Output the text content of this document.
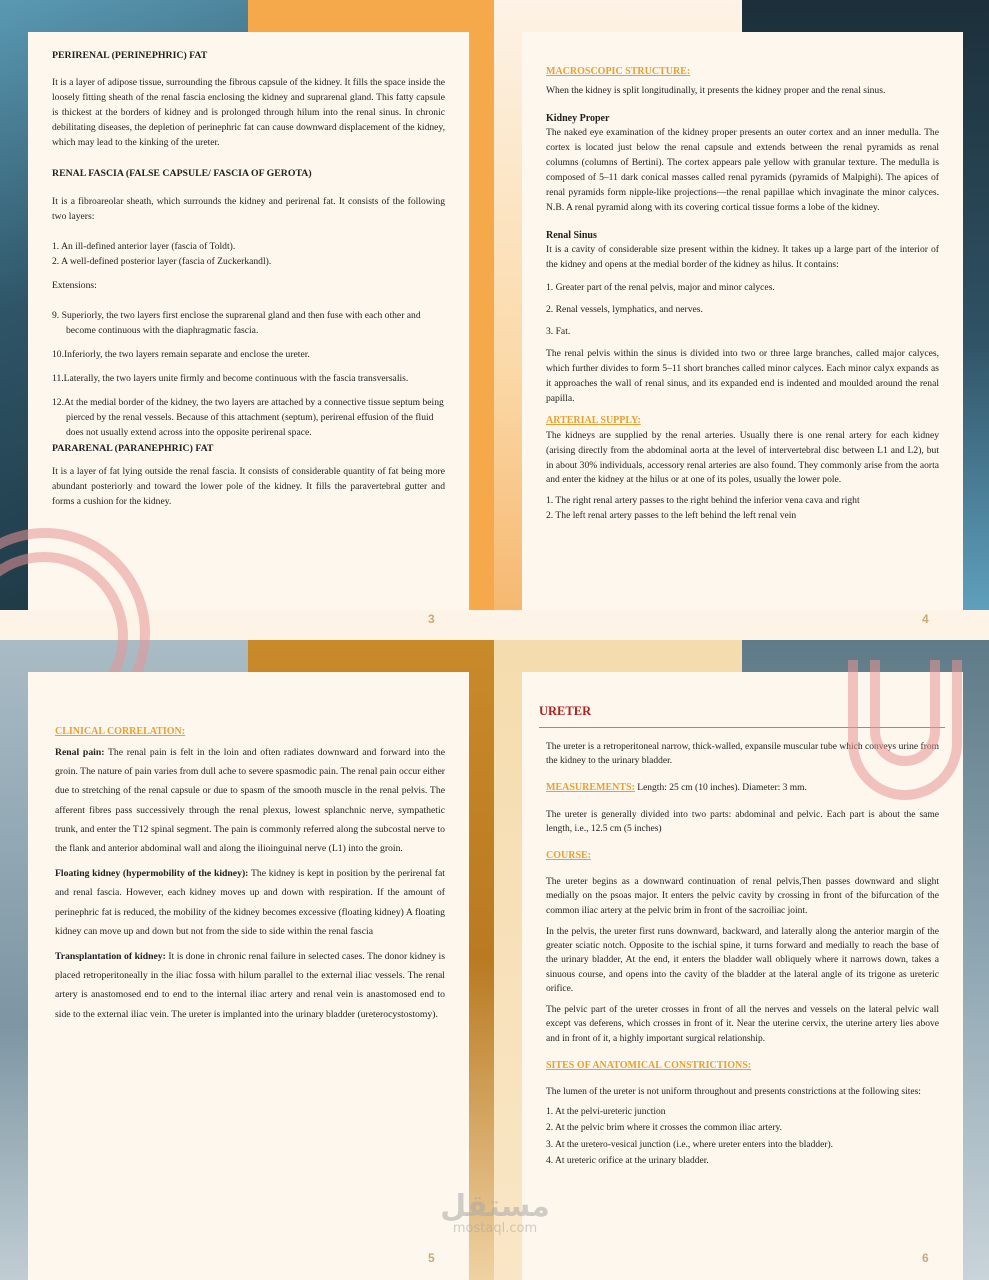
PERIRENAL (PERINEPHRIC) FAT

It is a layer of adipose tissue, surrounding the fibrous capsule of the kidney. It fills the space inside the loosely fitting sheath of the renal fascia enclosing the kidney and suprarenal gland. This fatty capsule is thickest at the borders of kidney and is prolonged through hilum into the renal sinus. In chronic debilitating diseases, the depletion of perinephric fat can cause downward displacement of the kidney, which may lead to the kinking of the ureter.

RENAL FASCIA (FALSE CAPSULE/ FASCIA OF GEROTA)

It is a fibroareolar sheath, which surrounds the kidney and perirenal fat. It consists of the following two layers:

1. An ill-defined anterior layer (fascia of Toldt).

2. A well-defined posterior layer (fascia of Zuckerkandl).

Extensions:

9. Superiorly, the two layers first enclose the suprarenal gland and then fuse with each other and become continuous with the diaphragmatic fascia.

10.Inferiorly, the two layers remain separate and enclose the ureter.

11.Laterally, the two layers unite firmly and become continuous with the fascia transversalis.

12.At the medial border of the kidney, the two layers are attached by a connective tissue septum being pierced by the renal vessels. Because of this attachment (septum), perirenal effusion of the fluid does not usually extend across into the opposite perirenal space.

PARARENAL (PARANEPHRIC) FAT

It is a layer of fat lying outside the renal fascia. It consists of considerable quantity of fat being more abundant posteriorly and toward the lower pole of the kidney. It fills the paravertebral gutter and forms a cushion for the kidney.

3

MACROSCOPIC STRUCTURE:

When the kidney is split longitudinally, it presents the kidney proper and the renal sinus.

Kidney Proper

The naked eye examination of the kidney proper presents an outer cortex and an inner medulla. The cortex is located just below the renal capsule and extends between the renal pyramids as renal columns (columns of Bertini). The cortex appears pale yellow with granular texture. The medulla is composed of 5–11 dark conical masses called renal pyramids (pyramids of Malpighi). The apices of renal pyramids form nipple-like projections—the renal papillae which invaginate the minor calyces. N.B. A renal pyramid along with its covering cortical tissue forms a lobe of the kidney.

Renal Sinus

It is a cavity of considerable size present within the kidney. It takes up a large part of the interior of the kidney and opens at the medial border of the kidney as hilus. It contains:

1. Greater part of the renal pelvis, major and minor calyces.

2. Renal vessels, lymphatics, and nerves.

3. Fat.

The renal pelvis within the sinus is divided into two or three large branches, called major calyces, which further divides to form 5–11 short branches called minor calyces. Each minor calyx expands as it approaches the wall of renal sinus, and its expanded end is indented and moulded around the renal papilla.

ARTERIAL SUPPLY:

The kidneys are supplied by the renal arteries. Usually there is one renal artery for each kidney (arising directly from the abdominal aorta at the level of intervertebral disc between L1 and L2), but in about 30% individuals, accessory renal arteries are also found. They commonly arise from the aorta and enter the kidney at the hilus or at one of its poles, usually the lower pole.

1. The right renal artery passes to the right behind the inferior vena cava and right

2. The left renal artery passes to the left behind the left renal vein

4

CLINICAL CORRELATION:

Renal pain: The renal pain is felt in the loin and often radiates downward and forward into the groin. The nature of pain varies from dull ache to severe spasmodic pain. The renal pain occur either due to stretching of the renal capsule or due to spasm of the smooth muscle in the renal pelvis. The afferent fibres pass successively through the renal plexus, lowest splanchnic nerve, sympathetic trunk, and enter the T12 spinal segment. The pain is commonly referred along the subcostal nerve to the flank and anterior abdominal wall and along the ilioinguinal nerve (L1) into the groin.

Floating kidney (hypermobility of the kidney): The kidney is kept in position by the perirenal fat and renal fascia. However, each kidney moves up and down with respiration. If the amount of perinephric fat is reduced, the mobility of the kidney becomes excessive (floating kidney) A floating kidney can move up and down but not from the side to side within the renal fascia

Transplantation of kidney: It is done in chronic renal failure in selected cases. The donor kidney is placed retroperitoneally in the iliac fossa with hilum parallel to the external iliac vessels. The renal artery is anastomosed end to end to the internal iliac artery and renal vein is anastomosed end to side to the external iliac vein. The ureter is implanted into the urinary bladder (ureterocystostomy).

5

URETER

The ureter is a retroperitoneal narrow, thick-walled, expansile muscular tube which conveys urine from the kidney to the urinary bladder.

MEASUREMENTS: Length: 25 cm (10 inches). Diameter: 3 mm.

The ureter is generally divided into two parts: abdominal and pelvic. Each part is about the same length, i.e., 12.5 cm (5 inches)

COURSE:

The ureter begins as a downward continuation of renal pelvis,Then passes downward and slight medially on the psoas major. It enters the pelvic cavity by crossing in front of the bifurcation of the common iliac artery at the pelvic brim in front of the sacroiliac joint.

In the pelvis, the ureter first runs downward, backward, and laterally along the anterior margin of the greater sciatic notch. Opposite to the ischial spine, it turns forward and medially to reach the base of the urinary bladder, At the end, it enters the bladder wall obliquely where it narrows down, takes a sinuous course, and opens into the cavity of the bladder at the lateral angle of its trigone as ureteric orifice.

The pelvic part of the ureter crosses in front of all the nerves and vessels on the lateral pelvic wall except vas deferens, which crosses in front of it. Near the uterine cervix, the uterine artery lies above and in front of it, a highly important surgical relationship.

SITES OF ANATOMICAL CONSTRICTIONS:

The lumen of the ureter is not uniform throughout and presents constrictions at the following sites:

1. At the pelvi-ureteric junction

2. At the pelvic brim where it crosses the common iliac artery.

3. At the uretero-vesical junction (i.e., where ureter enters into the bladder).

4. At ureteric orifice at the urinary bladder.

6
مستقل
mostaql.com
